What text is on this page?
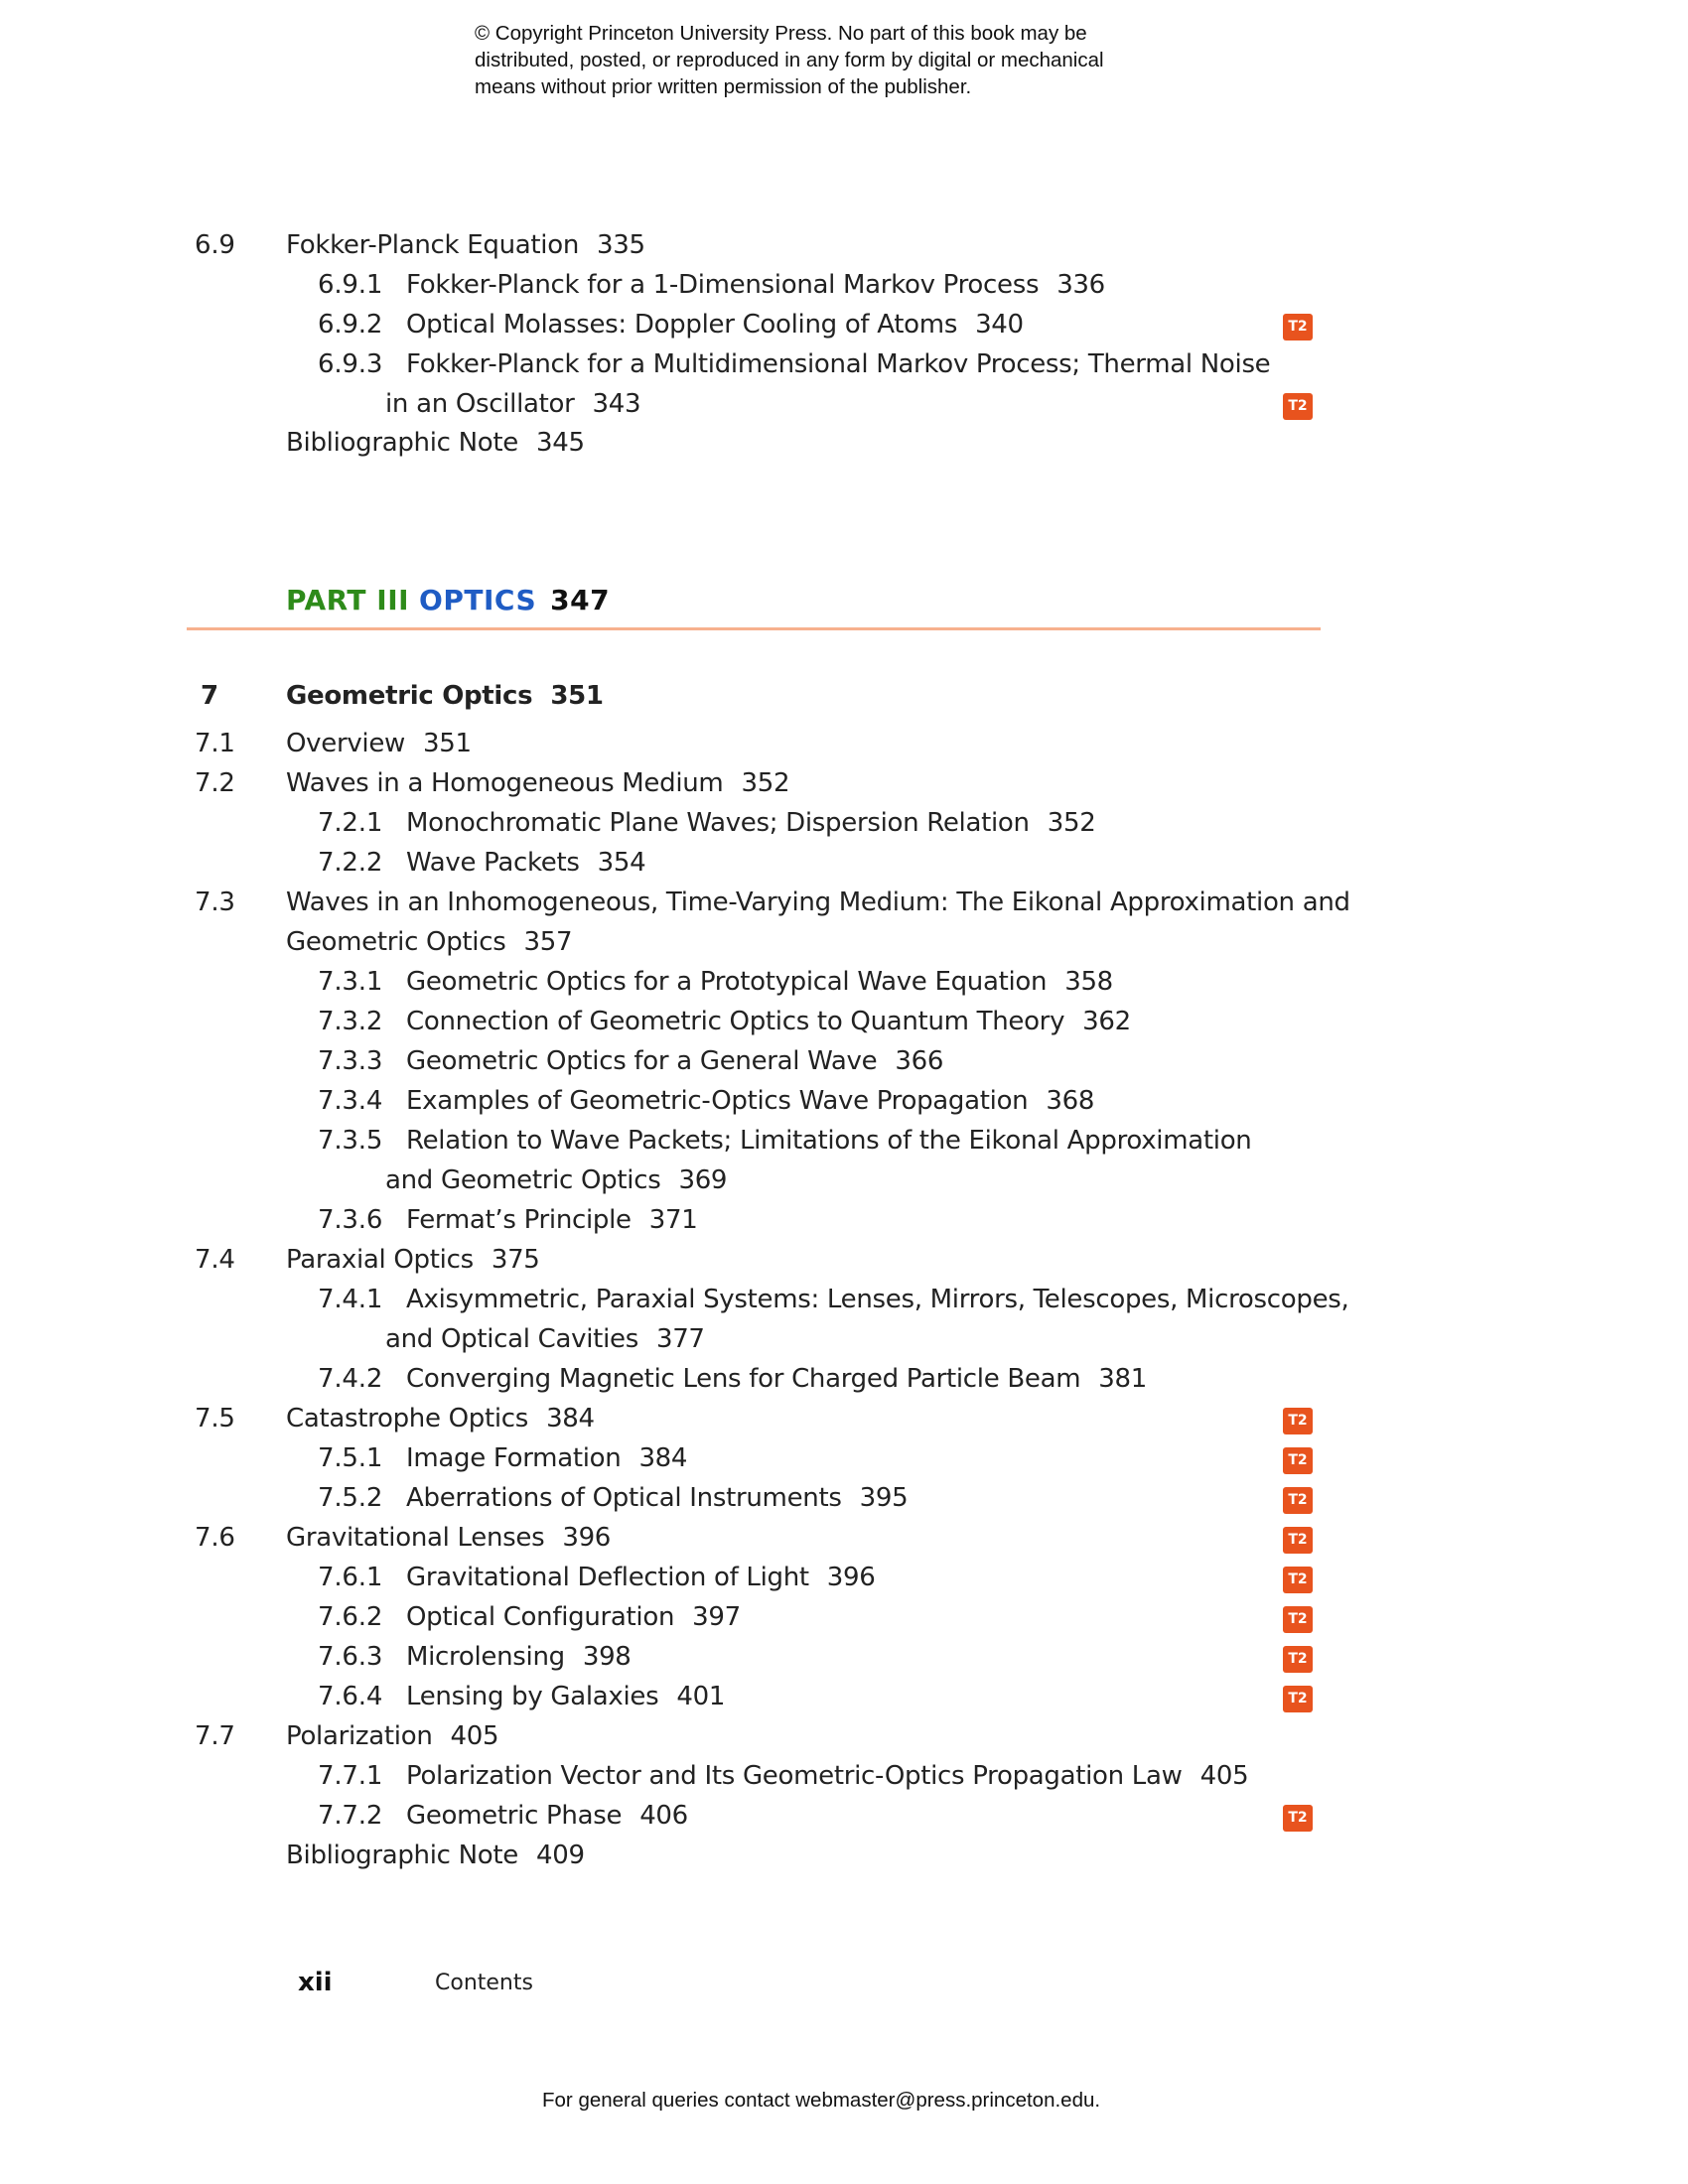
© Copyright Princeton University Press. No part of this book may be
distributed, posted, or reproduced in any form by digital or mechanical
means without prior written permission of the publisher.
PART III OPTICS 347
6.9 Fokker-Planck Equation 335
6.9.1 Fokker-Planck for a 1-Dimensional Markov Process 336
6.9.2 Optical Molasses: Doppler Cooling of Atoms 340	T2
6.9.3 Fokker-Planck for a Multidimensional Markov Process; Thermal Noise
in an Oscillator 343	T2
Bibliographic Note 345
7	Geometric Optics 351
7.1 Overview 351
7.2 Waves in a Homogeneous Medium 352
7.2.1 Monochromatic Plane Waves; Dispersion Relation 352
7.2.2 Wave Packets 354
7.3 Waves in an Inhomogeneous, Time-Varying Medium: The Eikonal Approximation and
Geometric Optics 357
7.3.1 Geometric Optics for a Prototypical Wave Equation 358
7.3.2 Connection of Geometric Optics to Quantum Theory 362
7.3.3 Geometric Optics for a General Wave 366
7.3.4 Examples of Geometric-Optics Wave Propagation 368
7.3.5 Relation to Wave Packets; Limitations of the Eikonal Approximation
and Geometric Optics 369
7.3.6 Fermat’s Principle 371
7.4 Paraxial Optics 375
7.4.1 Axisymmetric, Paraxial Systems: Lenses, Mirrors, Telescopes, Microscopes,
and Optical Cavities 377
7.4.2 Converging Magnetic Lens for Charged Particle Beam 381
7.5 Catastrophe Optics 384	T2
7.5.1 Image Formation 384	T2
7.5.2 Aberrations of Optical Instruments 395	T2
7.6 Gravitational Lenses 396	T2
7.6.1 Gravitational Deflection of Light 396	T2
7.6.2 Optical Configuration 397	T2
7.6.3 Microlensing 398	T2
7.6.4 Lensing by Galaxies 401	T2
7.7 Polarization 405
7.7.1 Polarization Vector and Its Geometric-Optics Propagation Law 405
7.7.2 Geometric Phase 406	T2
Bibliographic Note 409
xii	Contents
For general queries contact webmaster@press.princeton.edu.
